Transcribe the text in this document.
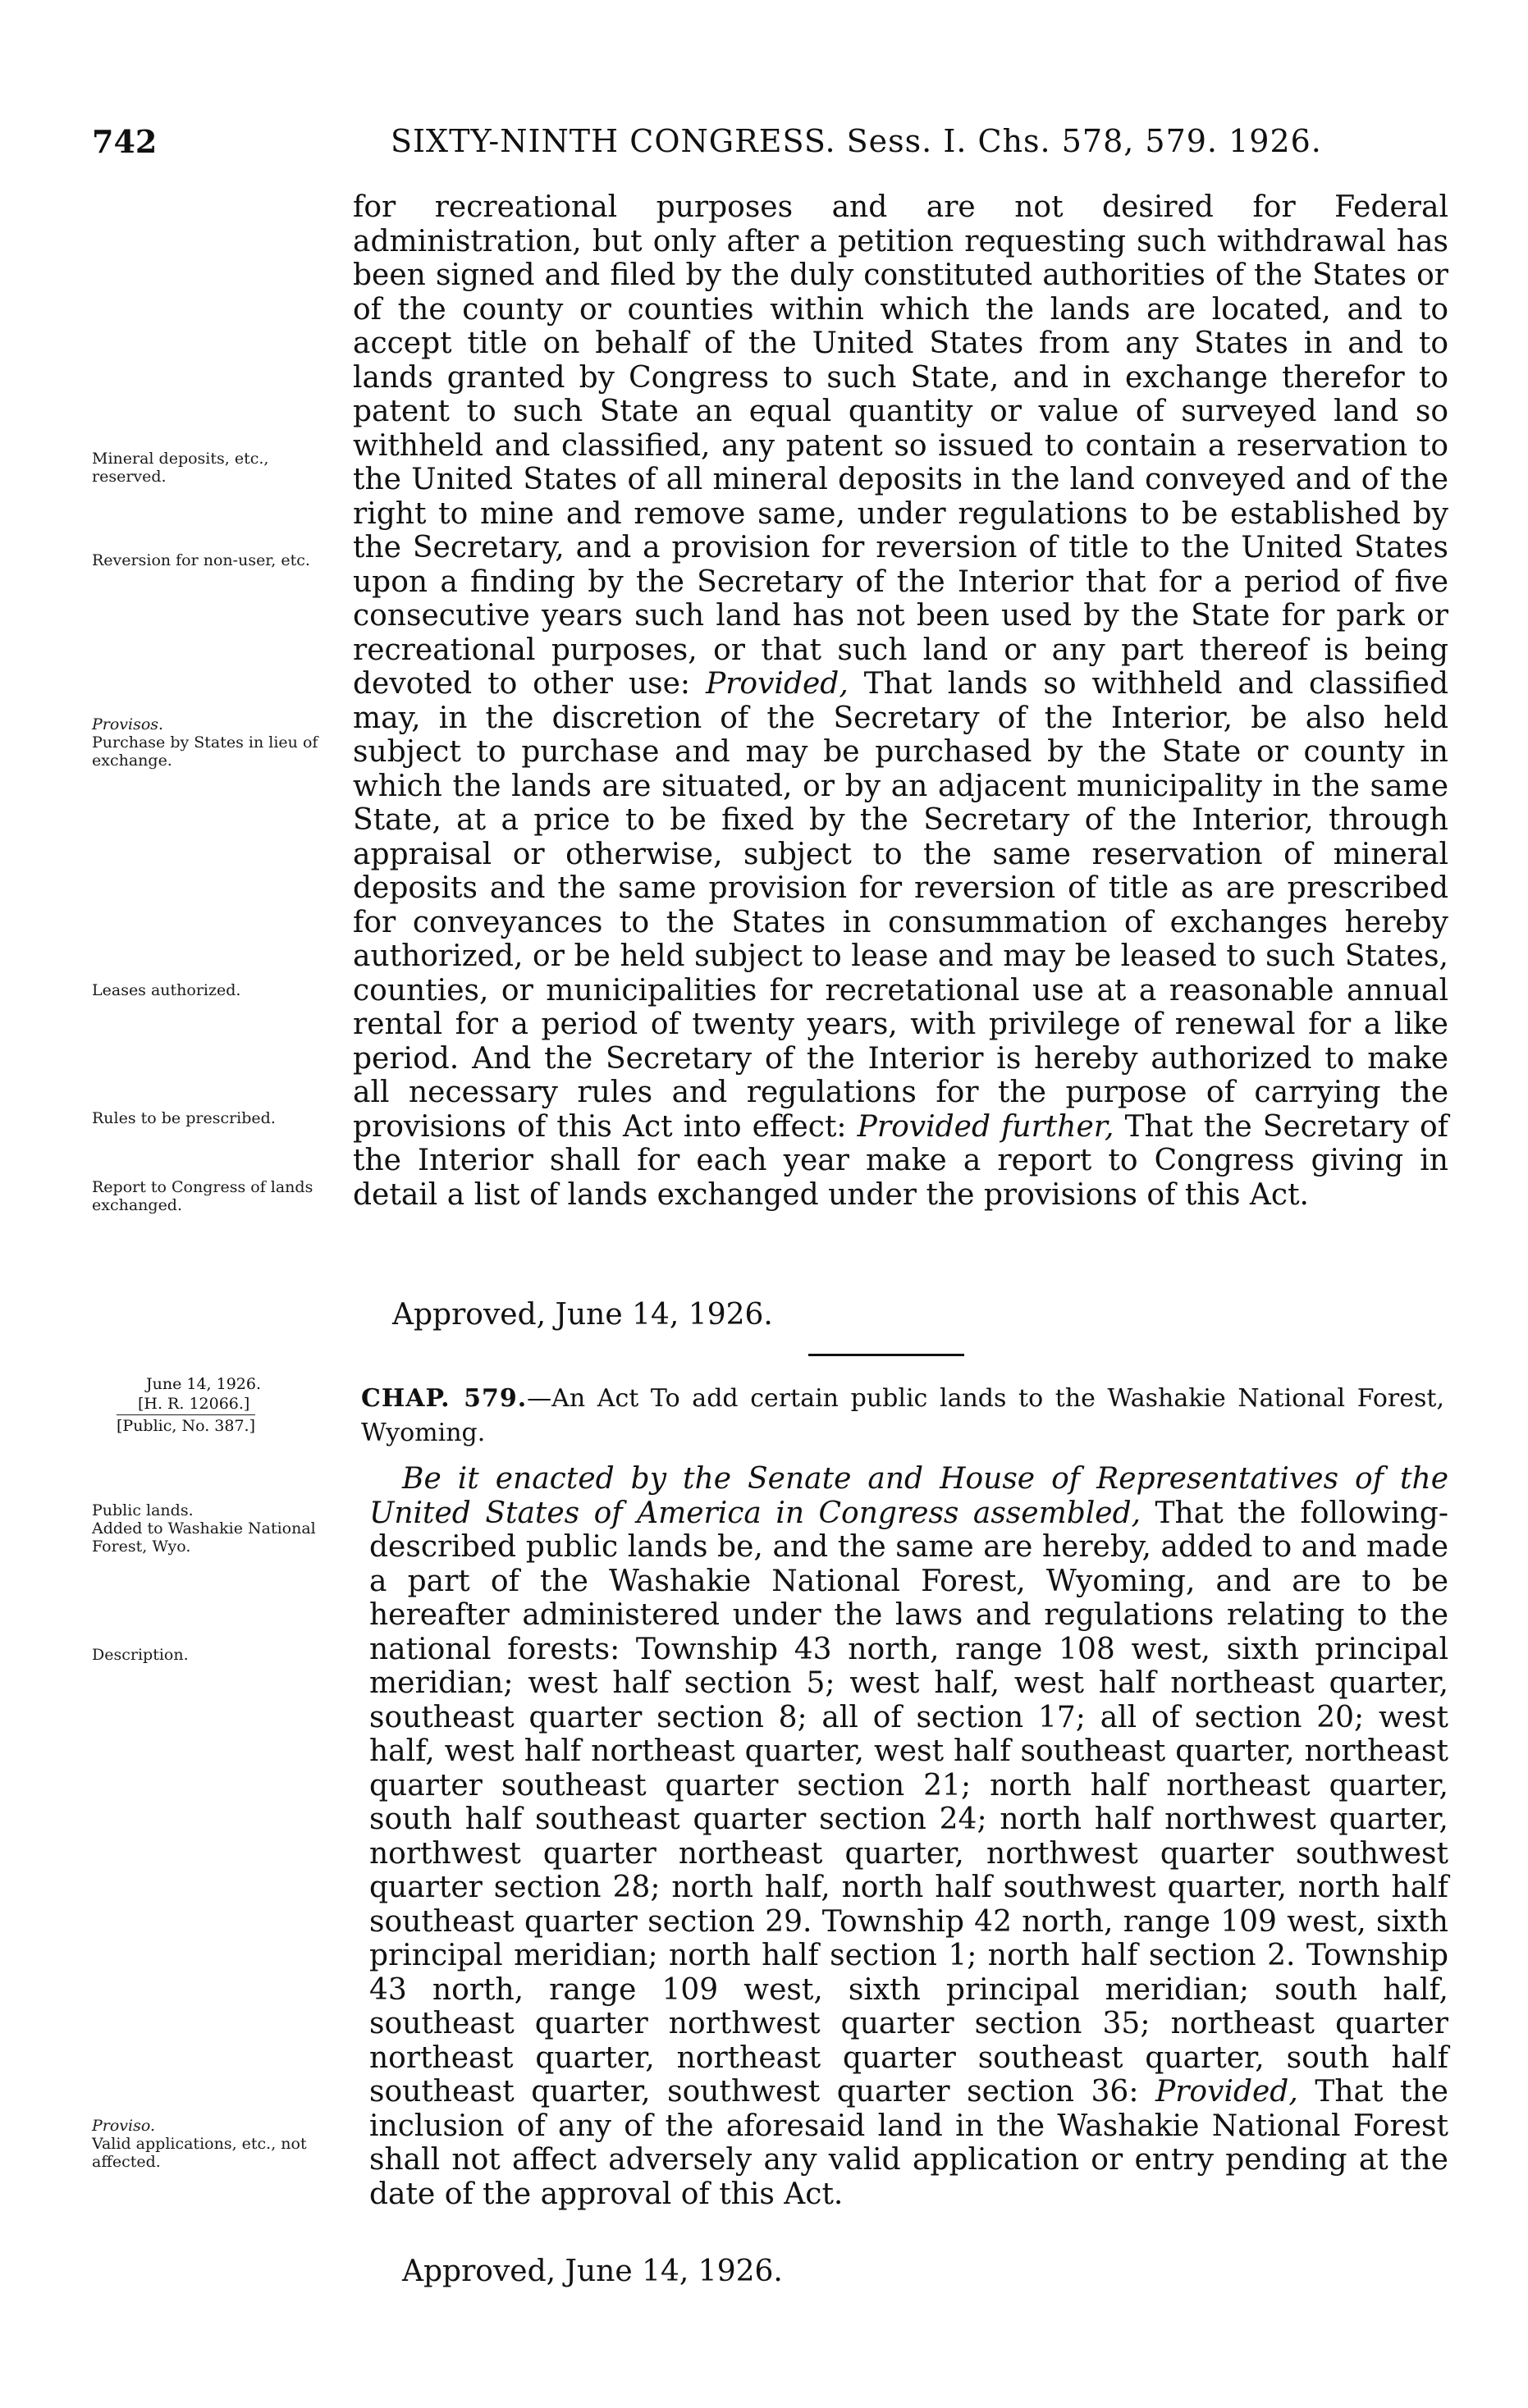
742	SIXTY-NINTH CONGRESS. Sess. I. Chs. 578, 579. 1926.

for recreational purposes and are not desired for Federal administration, but only after a petition requesting such withdrawal has been signed and filed by the duly constituted authorities of the States or of the county or counties within which the lands are located, and to accept title on behalf of the United States from any States in and to lands granted by Congress to such State, and in exchange therefor to patent to such State an equal quantity or value of surveyed land so withheld and classified, any patent so issued to contain a reservation to the United States of all mineral deposits in the land conveyed and of the right to mine and remove same, under regulations to be established by the Secretary, and a provision for reversion of title to the United States upon a finding by the Secretary of the Interior that for a period of five consecutive years such land has not been used by the State for park or recreational purposes, or that such land or any part thereof is being devoted to other use: Provided, That lands so withheld and classified may, in the discretion of the Secretary of the Interior, be also held subject to purchase and may be purchased by the State or county in which the lands are situated, or by an adjacent municipality in the same State, at a price to be fixed by the Secretary of the Interior, through appraisal or otherwise, subject to the same reservation of mineral deposits and the same provision for reversion of title as are prescribed for conveyances to the States in consummation of exchanges hereby authorized, or be held subject to lease and may be leased to such States, counties, or municipalities for recretational use at a reasonable annual rental for a period of twenty years, with privilege of renewal for a like period. And the Secretary of the Interior is hereby authorized to make all necessary rules and regulations for the purpose of carrying the provisions of this Act into effect: Provided further, That the Secretary of the Interior shall for each year make a report to Congress giving in detail a list of lands exchanged under the provisions of this Act.

Approved, June 14, 1926.
Mineral deposits, etc., reserved.
Reversion for non-user, etc.
Provisos.
Purchase by States in lieu of exchange.
Leases authorized.
Rules to be prescribed.
Report to Congress of lands exchanged.
June 14, 1926.
[H. R. 12066.]
[Public, No. 387.]
CHAP. 579.—An Act To add certain public lands to the Washakie National Forest, Wyoming.

Be it enacted by the Senate and House of Representatives of the United States of America in Congress assembled, That the following-described public lands be, and the same are hereby, added to and made a part of the Washakie National Forest, Wyoming, and are to be hereafter administered under the laws and regulations relating to the national forests: Township 43 north, range 108 west, sixth principal meridian; west half section 5; west half, west half northeast quarter, southeast quarter section 8; all of section 17; all of section 20; west half, west half northeast quarter, west half southeast quarter, northeast quarter southeast quarter section 21; north half northeast quarter, south half southeast quarter section 24; north half northwest quarter, northwest quarter northeast quarter, northwest quarter southwest quarter section 28; north half, north half southwest quarter, north half southeast quarter section 29. Township 42 north, range 109 west, sixth principal meridian; north half section 1; north half section 2. Township 43 north, range 109 west, sixth principal meridian; south half, southeast quarter northwest quarter section 35; northeast quarter northeast quarter, northeast quarter southeast quarter, south half southeast quarter, southwest quarter section 36: Provided, That the inclusion of any of the aforesaid land in the Washakie National Forest shall not affect adversely any valid application or entry pending at the date of the approval of this Act.

Approved, June 14, 1926.
Public lands.
Added to Washakie National Forest, Wyo.
Description.
Proviso.
Valid applications, etc., not affected.
